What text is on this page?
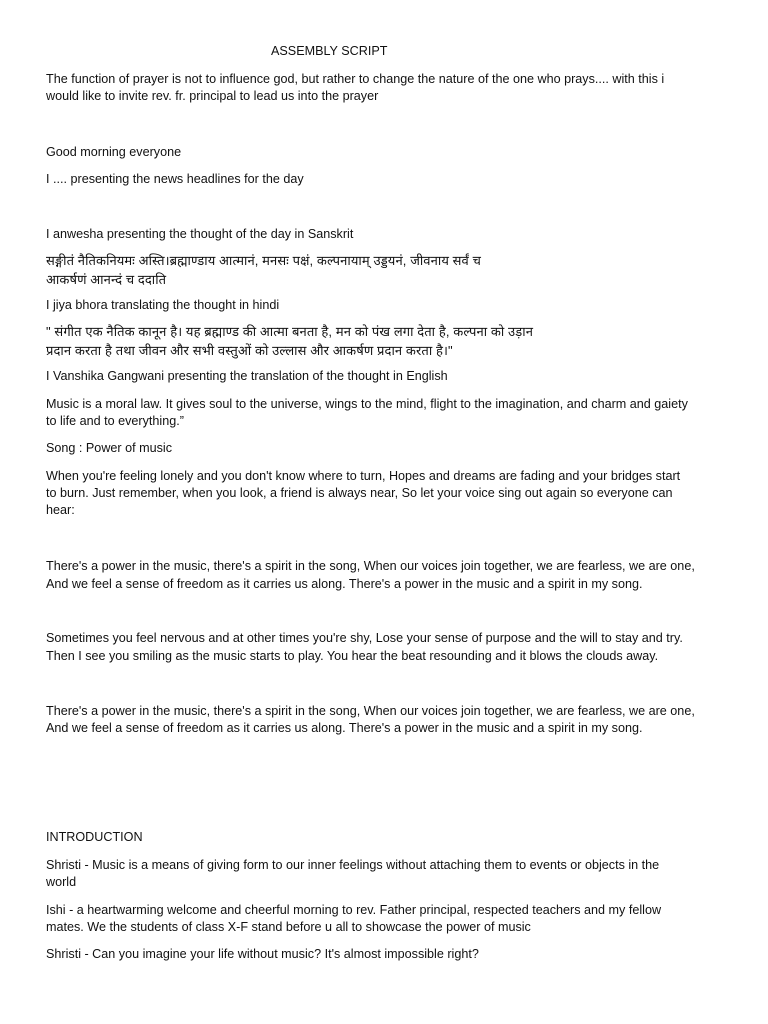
ASSEMBLY SCRIPT
The function of prayer is not to influence god, but rather to change the nature of the one who prays.... with this i
would like to invite rev. fr. principal to lead us into the prayer
Good morning everyone
I .... presenting the news headlines for the day
I anwesha presenting the thought of the day in Sanskrit
सङ्गीतं नैतिकनियमः अस्ति।ब्रह्माण्डाय आत्मानं, मनसः पक्षं, कल्पनायाम् उड्डयनं, जीवनाय सर्वं च
आकर्षणं आनन्दं च ददाति
I jiya bhora translating the thought in hindi
" संगीत एक नैतिक कानून है। यह ब्रह्माण्ड की आत्मा बनता है, मन को पंख लगा देता है, कल्पना को उड़ान
प्रदान करता है तथा जीवन और सभी वस्तुओं को उल्लास और आकर्षण प्रदान करता है।"
I Vanshika Gangwani presenting the translation of the thought in English
Music is a moral law. It gives soul to the universe, wings to the mind, flight to the imagination, and charm and gaiety
to life and to everything.”
Song : Power of music
When you're feeling lonely and you don't know where to turn, Hopes and dreams are fading and your bridges start
to burn. Just remember, when you look, a friend is always near, So let your voice sing out again so everyone can
hear:
There's a power in the music, there's a spirit in the song, When our voices join together, we are fearless, we are one,
And we feel a sense of freedom as it carries us along. There's a power in the music and a spirit in my song.
Sometimes you feel nervous and at other times you're shy, Lose your sense of purpose and the will to stay and try.
Then I see you smiling as the music starts to play. You hear the beat resounding and it blows the clouds away.
There's a power in the music, there's a spirit in the song, When our voices join together, we are fearless, we are one,
And we feel a sense of freedom as it carries us along. There's a power in the music and a spirit in my song.
INTRODUCTION
Shristi - Music is a means of giving form to our inner feelings without attaching them to events or objects in the
world
Ishi - a heartwarming welcome and cheerful morning to rev. Father principal, respected teachers and my fellow
mates. We the students of class X-F stand before u all to showcase the power of music
Shristi - Can you imagine your life without music? It's almost impossible right?
